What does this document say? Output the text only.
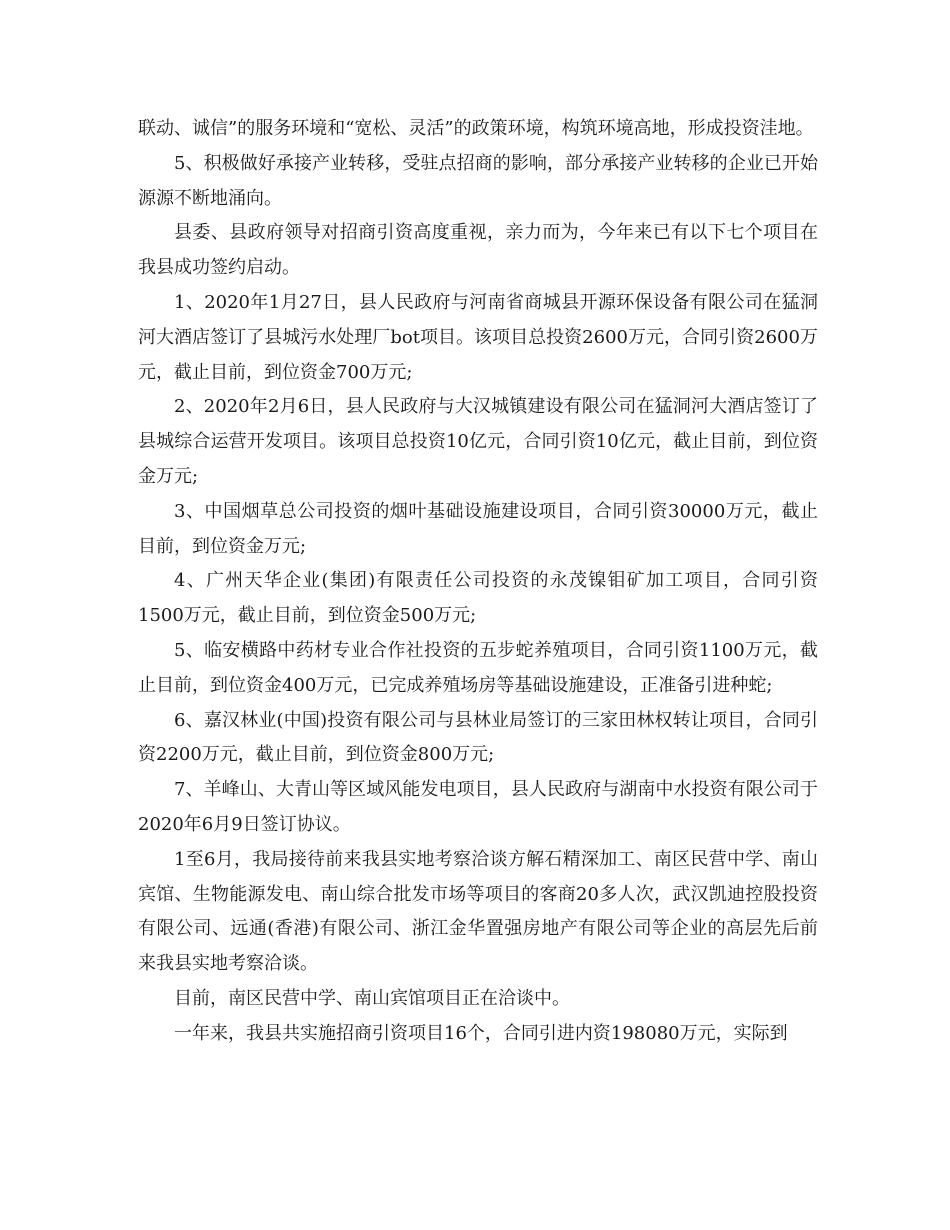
联动、诚信”的服务环境和“宽松、灵活”的政策环境，构筑环境高地，形成投资洼地。

5、积极做好承接产业转移，受驻点招商的影响，部分承接产业转移的企业已开始源源不断地涌向。

县委、县政府领导对招商引资高度重视，亲力而为，今年来已有以下七个项目在我县成功签约启动。

1、2020年1月27日，县人民政府与河南省商城县开源环保设备有限公司在猛洞河大酒店签订了县城污水处理厂bot项目。该项目总投资2600万元，合同引资2600万元，截止目前，到位资金700万元;

2、2020年2月6日，县人民政府与大汉城镇建设有限公司在猛洞河大酒店签订了县城综合运营开发项目。该项目总投资10亿元，合同引资10亿元，截止目前，到位资金万元;

3、中国烟草总公司投资的烟叶基础设施建设项目，合同引资30000万元，截止目前，到位资金万元;

4、广州天华企业(集团)有限责任公司投资的永茂镍钼矿加工项目，合同引资1500万元，截止目前，到位资金500万元;

5、临安横路中药材专业合作社投资的五步蛇养殖项目，合同引资1100万元，截止目前，到位资金400万元，已完成养殖场房等基础设施建设，正准备引进种蛇;

6、嘉汉林业(中国)投资有限公司与县林业局签订的三家田林权转让项目，合同引资2200万元，截止目前，到位资金800万元;

7、羊峰山、大青山等区域风能发电项目，县人民政府与湖南中水投资有限公司于2020年6月9日签订协议。

1至6月，我局接待前来我县实地考察洽谈方解石精深加工、南区民营中学、南山宾馆、生物能源发电、南山综合批发市场等项目的客商20多人次，武汉凯迪控股投资有限公司、远通(香港)有限公司、浙江金华置强房地产有限公司等企业的高层先后前来我县实地考察洽谈。

目前，南区民营中学、南山宾馆项目正在洽谈中。

一年来，我县共实施招商引资项目16个，合同引进内资198080万元，实际到
